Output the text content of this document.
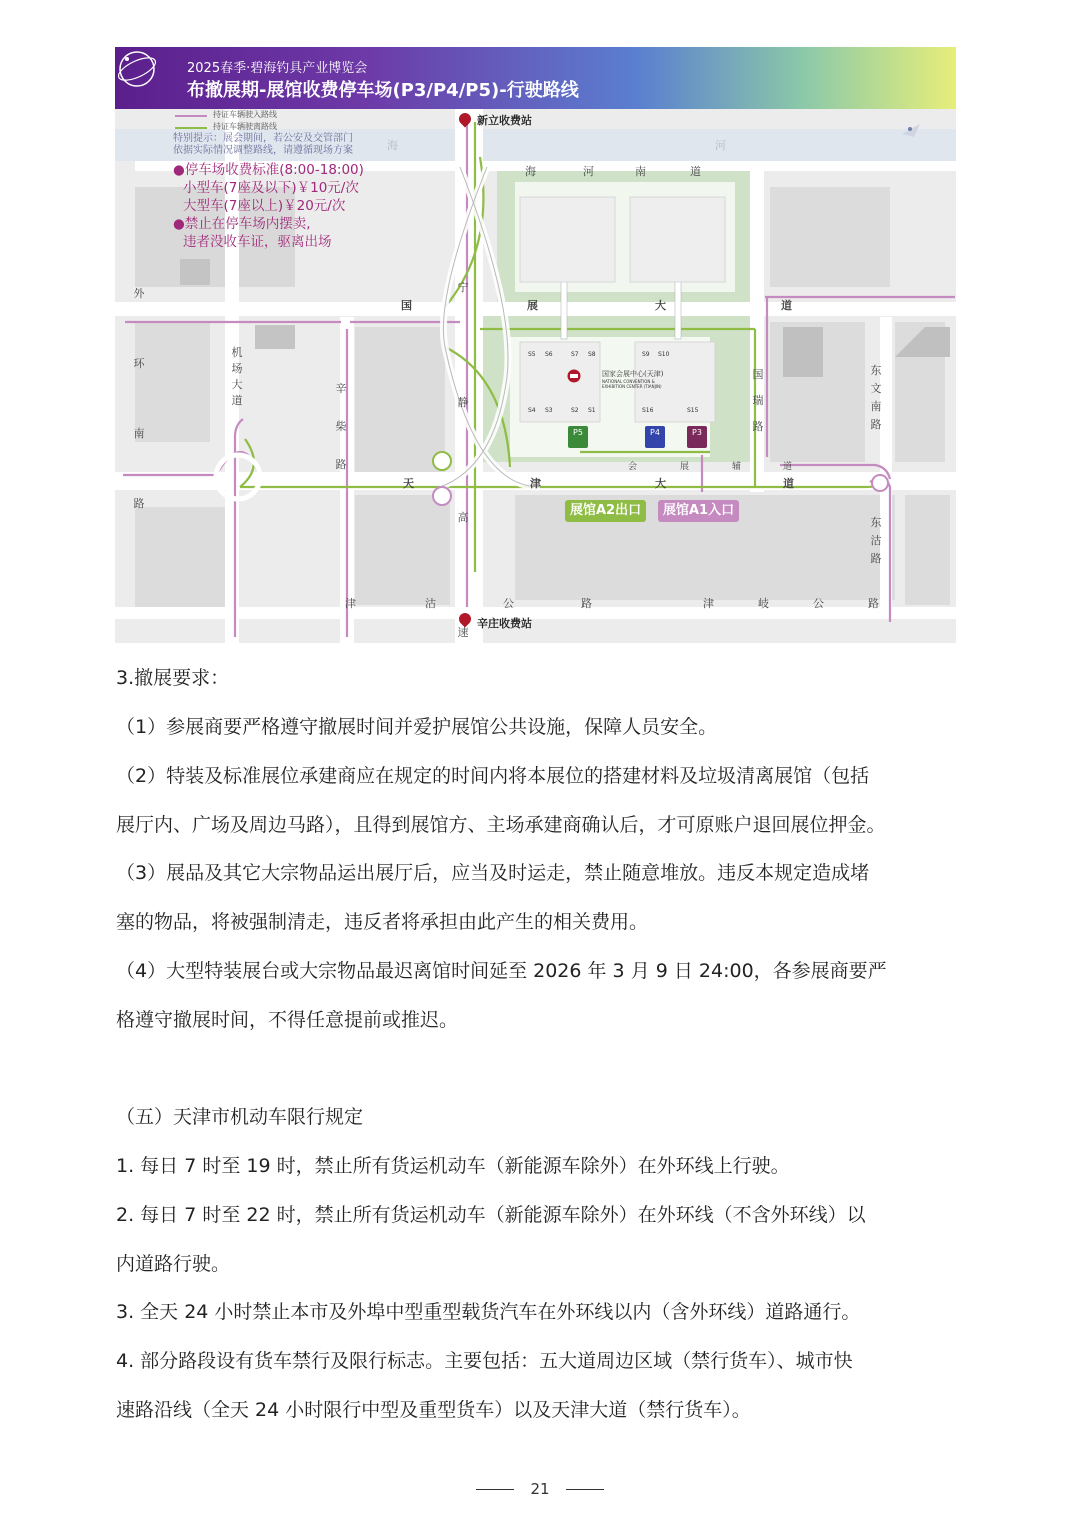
2025春季·碧海钓具产业博览会
布撤展期-展馆收费停车场(P3/P4/P5)-行驶路线
持证车辆驶入路线
持证车辆驶离路线
特别提示：展会期间，若公安及交管部门
依据实际情况调整路线，请遵循现场方案
●停车场收费标准(8:00-18:00)
小型车(7座及以下)￥10元/次
大型车(7座以上)￥20元/次
●禁止在停车场内摆卖,
违者没收车证，驱离出场
新立收费站
辛庄收费站
海	河
海	河	南	道
国	展	大	道
天	津	大	道
会	展	辅	道
津	沽	公	路	津	岐	公	路
外环南路
机场大道
辛柴路
宁静高速
国瑞路
东文南路
东沽路
S5 S6	S7 S8	S9 S10
S4 S3	S2 S1	S16	S15
国家会展中心(天津)
NATIONAL CONVENTION & EXHIBITION CENTER (TIANJIN)
P5	P4	P3
展馆A2出口	展馆A1入口
3.撤展要求：
（1）参展商要严格遵守撤展时间并爱护展馆公共设施，保障人员安全。
（2）特装及标准展位承建商应在规定的时间内将本展位的搭建材料及垃圾清离展馆（包括
展厅内、广场及周边马路），且得到展馆方、主场承建商确认后，才可原账户退回展位押金。
（3）展品及其它大宗物品运出展厅后，应当及时运走，禁止随意堆放。违反本规定造成堵
塞的物品，将被强制清走，违反者将承担由此产生的相关费用。
（4）大型特装展台或大宗物品最迟离馆时间延至 2026 年 3 月 9 日 24:00，各参展商要严
格遵守撤展时间，不得任意提前或推迟。
（五）天津市机动车限行规定
1. 每日 7 时至 19 时，禁止所有货运机动车（新能源车除外）在外环线上行驶。
2. 每日 7 时至 22 时，禁止所有货运机动车（新能源车除外）在外环线（不含外环线）以
内道路行驶。
3. 全天 24 小时禁止本市及外埠中型重型载货汽车在外环线以内（含外环线）道路通行。
4. 部分路段设有货车禁行及限行标志。主要包括：五大道周边区域（禁行货车）、城市快
速路沿线（全天 24 小时限行中型及重型货车）以及天津大道（禁行货车）。
21
